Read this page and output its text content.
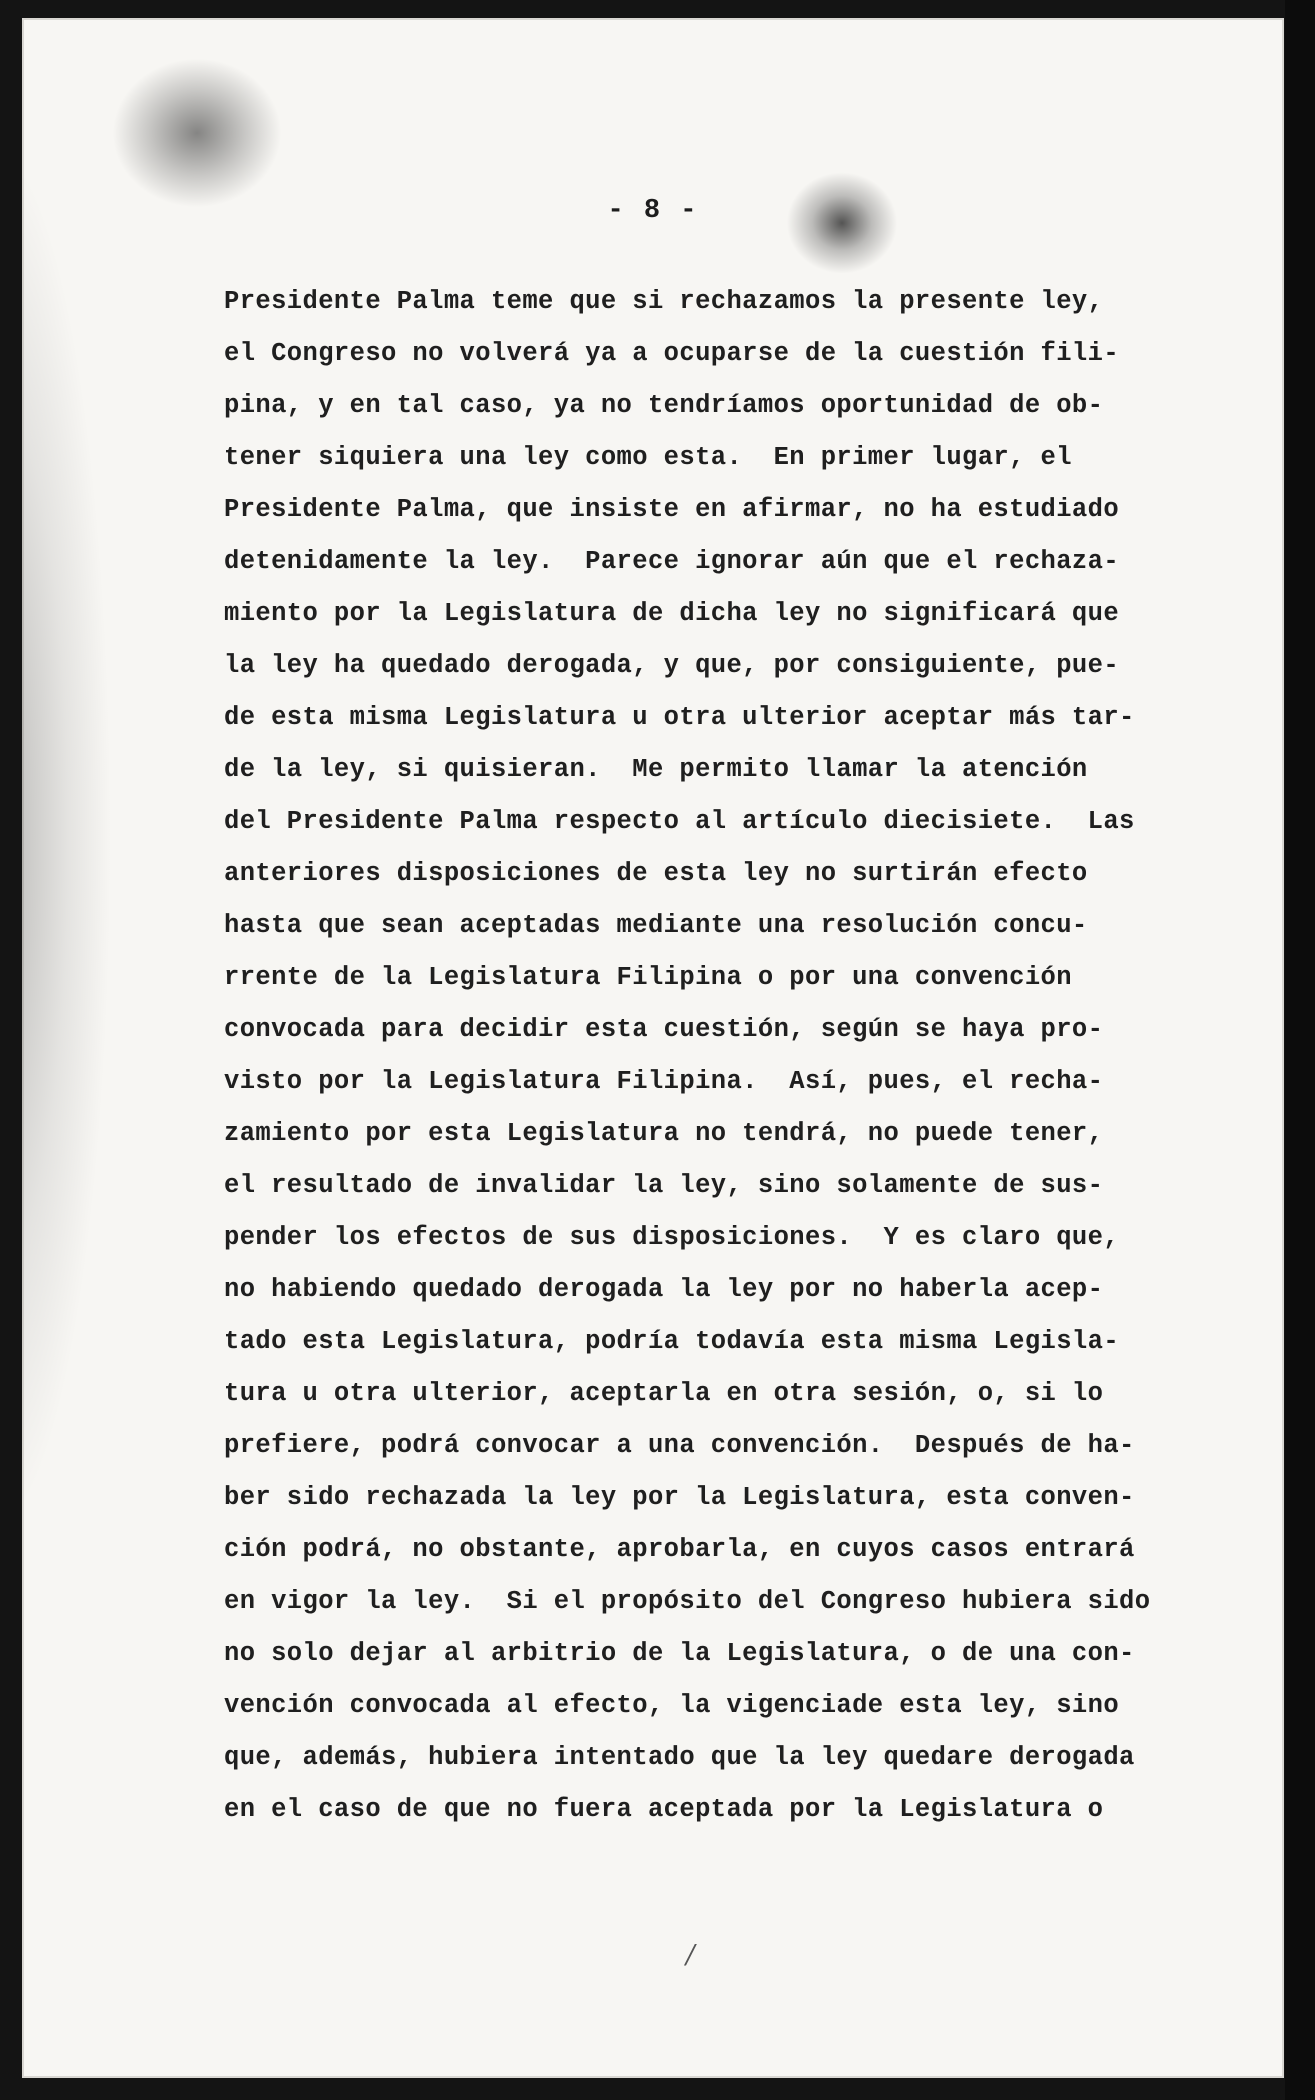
- 8 -
Presidente Palma teme que si rechazamos la presente ley,
el Congreso no volverá ya a ocuparse de la cuestión fili-
pina, y en tal caso, ya no tendríamos oportunidad de ob-
tener siquiera una ley como esta.  En primer lugar, el
Presidente Palma, que insiste en afirmar, no ha estudiado
detenidamente la ley.  Parece ignorar aún que el rechaza-
miento por la Legislatura de dicha ley no significará que
la ley ha quedado derogada, y que, por consiguiente, pue-
de esta misma Legislatura u otra ulterior aceptar más tar-
de la ley, si quisieran.  Me permito llamar la atención
del Presidente Palma respecto al artículo diecisiete.  Las
anteriores disposiciones de esta ley no surtirán efecto
hasta que sean aceptadas mediante una resolución concu-
rrente de la Legislatura Filipina o por una convención
convocada para decidir esta cuestión, según se haya pro-
visto por la Legislatura Filipina.  Así, pues, el recha-
zamiento por esta Legislatura no tendrá, no puede tener,
el resultado de invalidar la ley, sino solamente de sus-
pender los efectos de sus disposiciones.  Y es claro que,
no habiendo quedado derogada la ley por no haberla acep-
tado esta Legislatura, podría todavía esta misma Legisla-
tura u otra ulterior, aceptarla en otra sesión, o, si lo
prefiere, podrá convocar a una convención.  Después de ha-
ber sido rechazada la ley por la Legislatura, esta conven-
ción podrá, no obstante, aprobarla, en cuyos casos entrará
en vigor la ley.  Si el propósito del Congreso hubiera sido
no solo dejar al arbitrio de la Legislatura, o de una con-
vención convocada al efecto, la vigenciade esta ley, sino
que, además, hubiera intentado que la ley quedare derogada
en el caso de que no fuera aceptada por la Legislatura o
/
